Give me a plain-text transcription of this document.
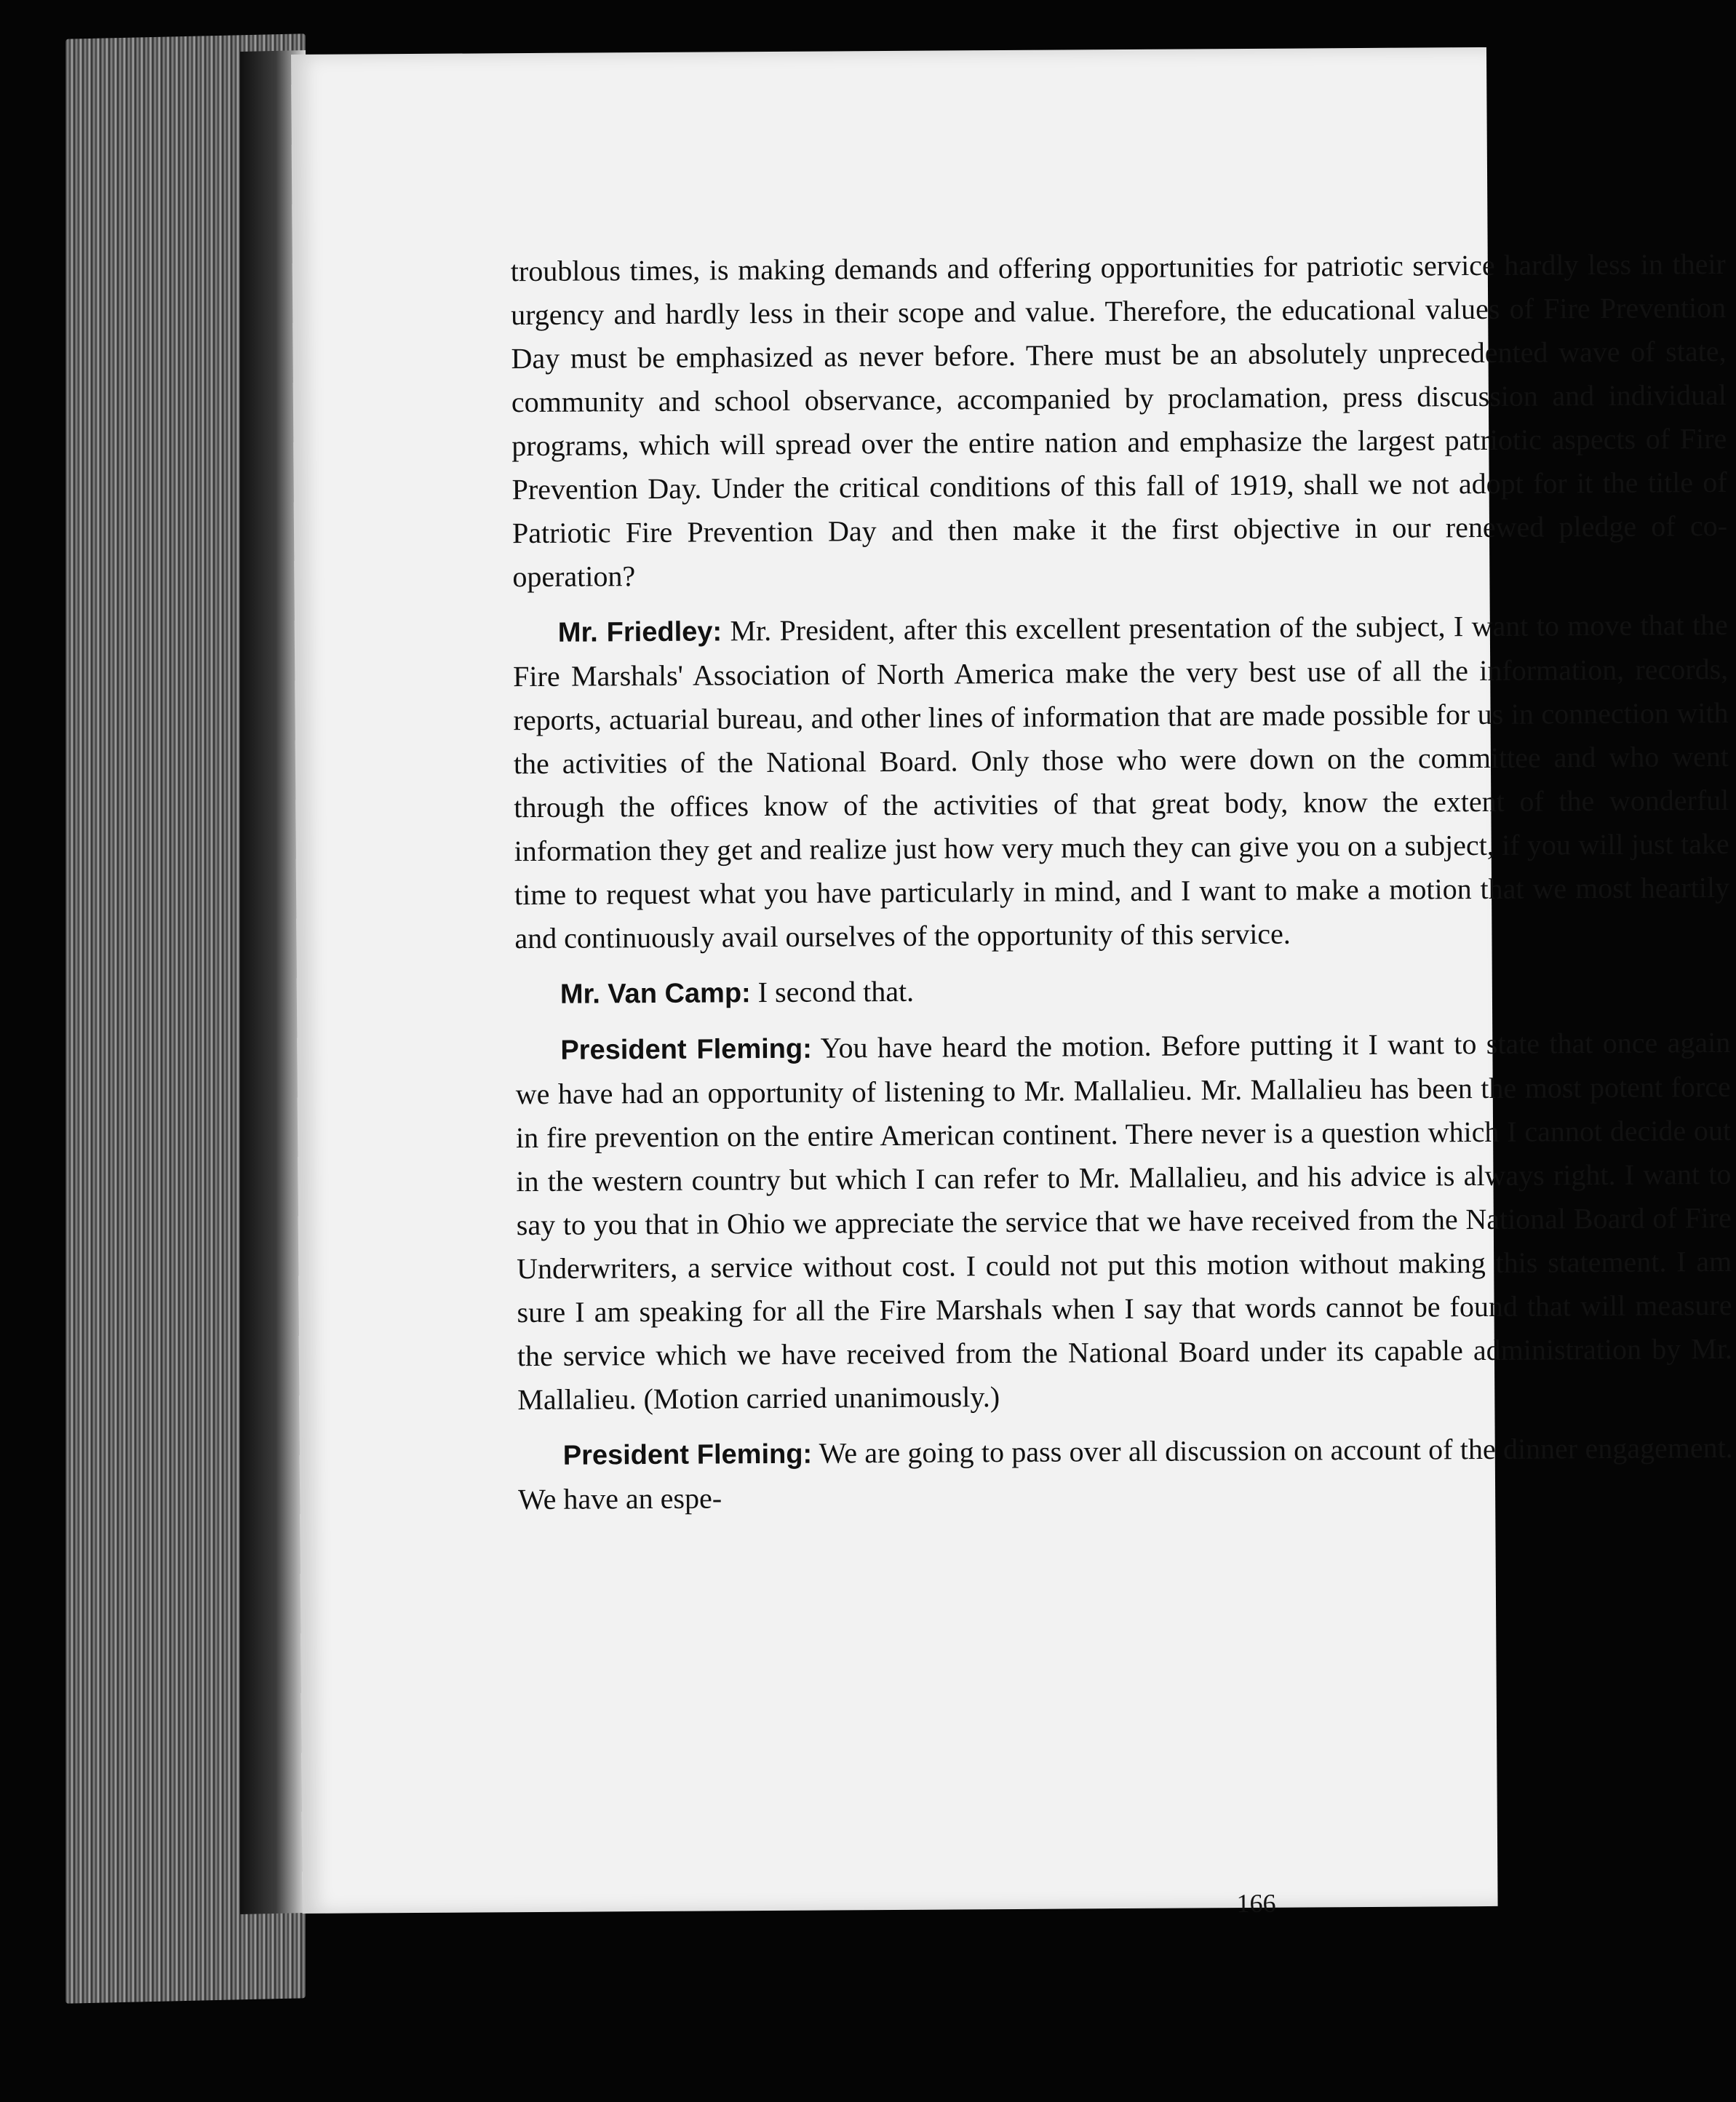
troublous times, is making demands and offering opportunities for patriotic service hardly less in their urgency and hardly less in their scope and value. Therefore, the educational values of Fire Prevention Day must be emphasized as never before. There must be an absolutely unprecedented wave of state, community and school observance, accompanied by proclamation, press discussion and individual programs, which will spread over the entire nation and emphasize the largest patriotic aspects of Fire Prevention Day. Under the critical conditions of this fall of 1919, shall we not adopt for it the title of Patriotic Fire Prevention Day and then make it the first objective in our renewed pledge of co-operation?

Mr. Friedley: Mr. President, after this excellent presentation of the subject, I want to move that the Fire Marshals' Association of North America make the very best use of all the information, records, reports, actuarial bureau, and other lines of information that are made possible for us in connection with the activities of the National Board. Only those who were down on the committee and who went through the offices know of the activities of that great body, know the extent of the wonderful information they get and realize just how very much they can give you on a subject, if you will just take time to request what you have particularly in mind, and I want to make a motion that we most heartily and continuously avail ourselves of the opportunity of this service.

Mr. Van Camp: I second that.

President Fleming: You have heard the motion. Before putting it I want to state that once again we have had an opportunity of listening to Mr. Mallalieu. Mr. Mallalieu has been the most potent force in fire prevention on the entire American continent. There never is a question which I cannot decide out in the western country but which I can refer to Mr. Mallalieu, and his advice is always right. I want to say to you that in Ohio we appreciate the service that we have received from the National Board of Fire Underwriters, a service without cost. I could not put this motion without making this statement. I am sure I am speaking for all the Fire Marshals when I say that words cannot be found that will measure the service which we have received from the National Board under its capable administration by Mr. Mallalieu. (Motion carried unanimously.)

President Fleming: We are going to pass over all discussion on account of the dinner engagement. We have an espe-

166
